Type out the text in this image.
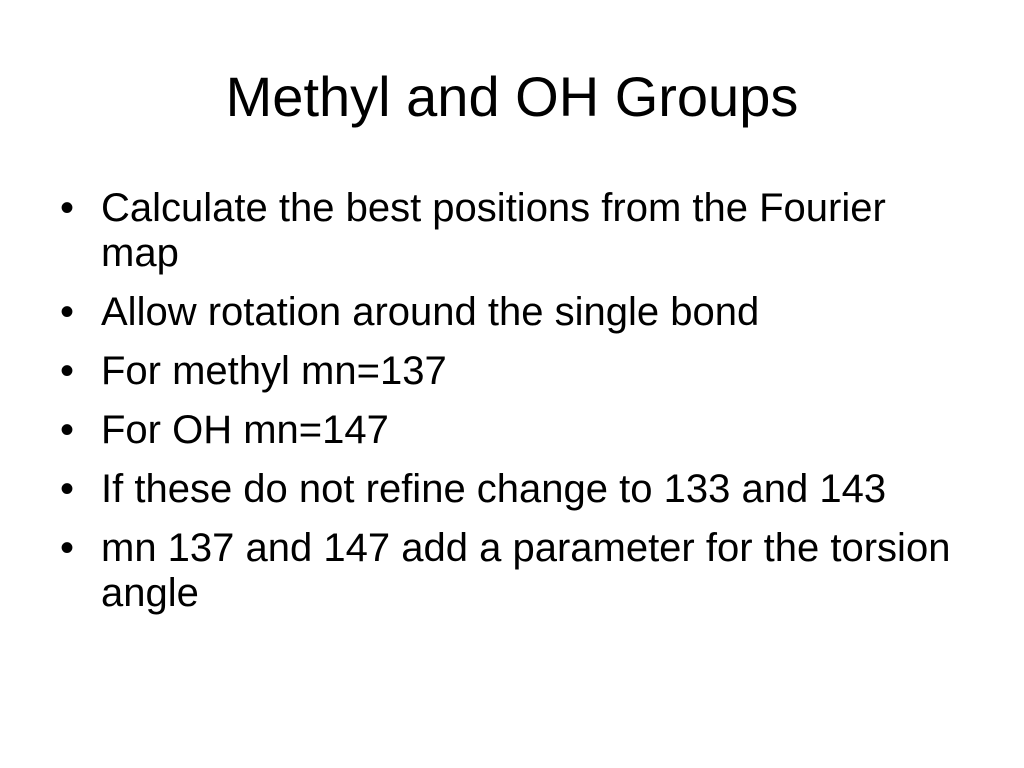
Methyl and OH Groups
• Calculate the best positions from the Fourier map
• Allow rotation around the single bond
• For methyl mn=137
• For OH mn=147
• If these do not refine change to 133 and 143
• mn 137 and 147 add a parameter for the torsion angle
